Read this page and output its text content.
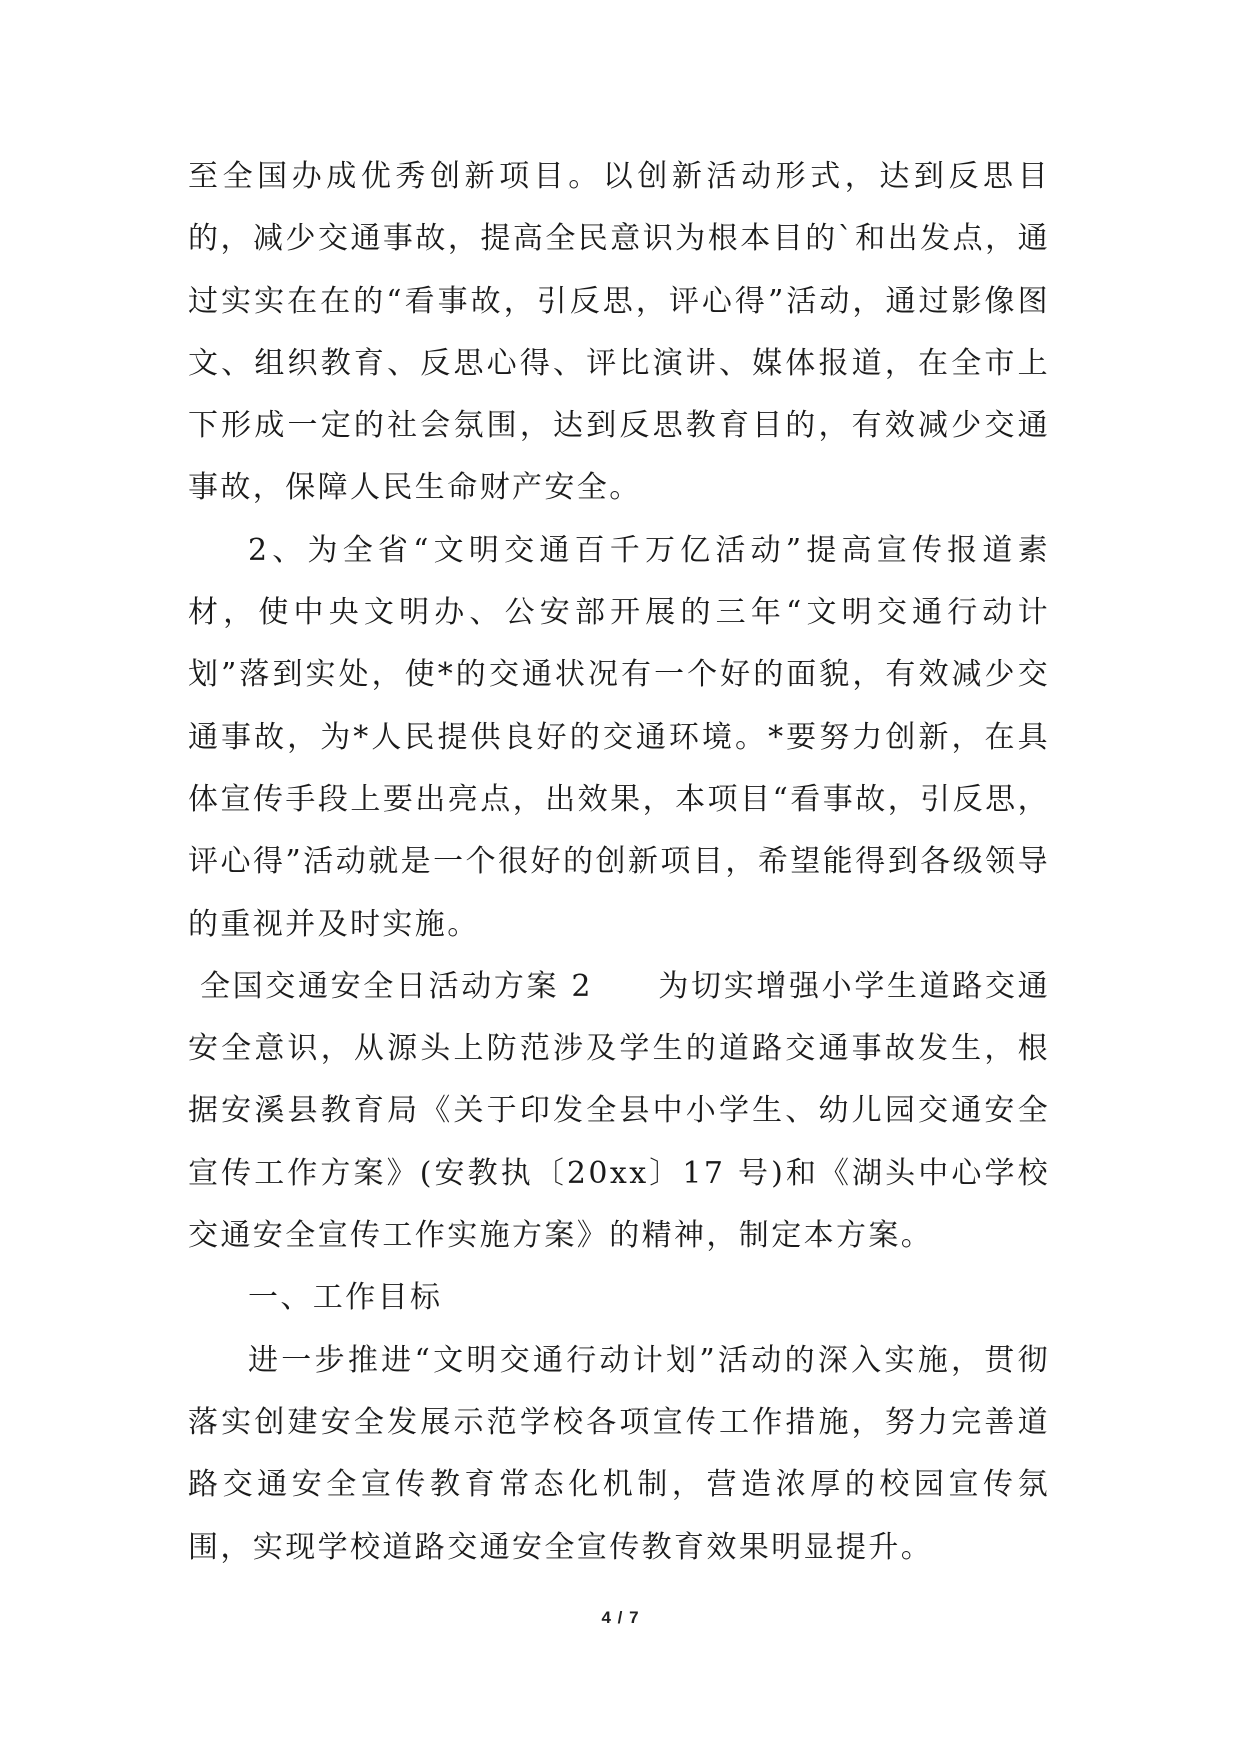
至全国办成优秀创新项目。以创新活动形式，达到反思目的，减少交通事故，提高全民意识为根本目的`和出发点，通过实实在在的“看事故，引反思，评心得”活动，通过影像图文、组织教育、反思心得、评比演讲、媒体报道，在全市上下形成一定的社会氛围，达到反思教育目的，有效减少交通事故，保障人民生命财产安全。

2、为全省“文明交通百千万亿活动”提高宣传报道素材，使中央文明办、公安部开展的三年“文明交通行动计划”落到实处，使*的交通状况有一个好的面貌，有效减少交通事故，为*人民提供良好的交通环境。*要努力创新，在具体宣传手段上要出亮点，出效果，本项目“看事故，引反思，评心得”活动就是一个很好的创新项目，希望能得到各级领导的重视并及时实施。

全国交通安全日活动方案 2　　为切实增强小学生道路交通安全意识，从源头上防范涉及学生的道路交通事故发生，根据安溪县教育局《关于印发全县中小学生、幼儿园交通安全宣传工作方案》(安教执〔20xx〕17 号)和《湖头中心学校交通安全宣传工作实施方案》的精神，制定本方案。

一、工作目标

进一步推进“文明交通行动计划”活动的深入实施，贯彻落实创建安全发展示范学校各项宣传工作措施，努力完善道路交通安全宣传教育常态化机制，营造浓厚的校园宣传氛围，实现学校道路交通安全宣传教育效果明显提升。

4 / 7
